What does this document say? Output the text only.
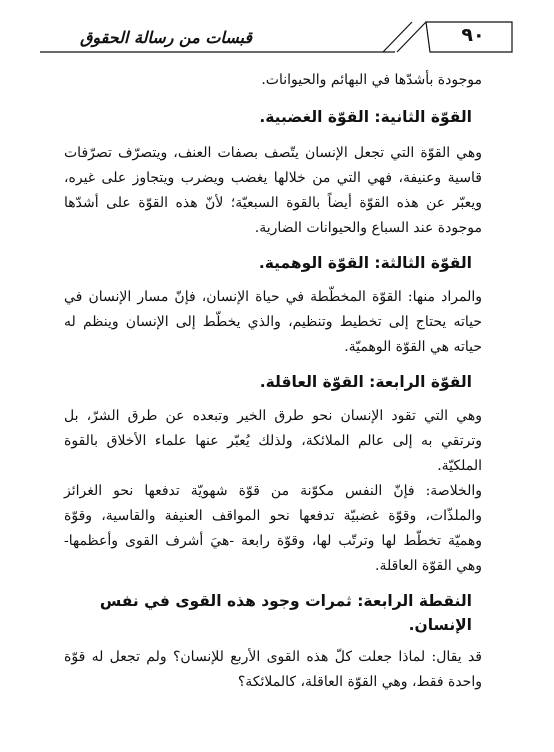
٩٠
قبسات من رسالة الحقوق

موجودة بأشدّها في البهائم والحيوانات.

القوّة الثانية: القوّة الغضبية.

وهي القوّة التي تجعل الإنسان يتّصف بصفات العنف، ويتصرّف تصرّفات قاسية وعنيفة، فهي التي من خلالها يغضب ويضرب ويتجاوز على غيره، ويعبّر عن هذه القوّة أيضاً بالقوة السبعيّة؛ لأنّ هذه القوّة على أشدّها موجودة عند السباع والحيوانات الضارية.

القوّة الثالثة: القوّة الوهمية.

والمراد منها: القوّة المخطّطة في حياة الإنسان، فإنّ مسار الإنسان في حياته يحتاج إلى تخطيط وتنظيم، والذي يخطّط إلى الإنسان وينظم له حياته هي القوّة الوهميّة.

القوّة الرابعة: القوّة العاقلة.

وهي التي تقود الإنسان نحو طرق الخير وتبعده عن طرق الشرّ، بل وترتقي به إلى عالم الملائكة، ولذلك يُعبّر عنها علماء الأخلاق بالقوة الملكيّة.

والخلاصة: فإنّ النفس مكوّنة من قوّة شهويّة تدفعها نحو الغرائز والملذّات، وقوّة غضبيّة تدفعها نحو المواقف العنيفة والقاسية، وقوّة وهميّة تخطّط لها وترتّب لها، وقوّة رابعة -هيَ أشرف القوى وأعظمها- وهي القوّة العاقلة.

النقطة الرابعة: ثمرات وجود هذه القوى في نفس الإنسان.

قد يقال: لماذا جعلت كلّ هذه القوى الأربع للإنسان؟ ولم تجعل له قوّة واحدة فقط، وهي القوّة العاقلة، كالملائكة؟
